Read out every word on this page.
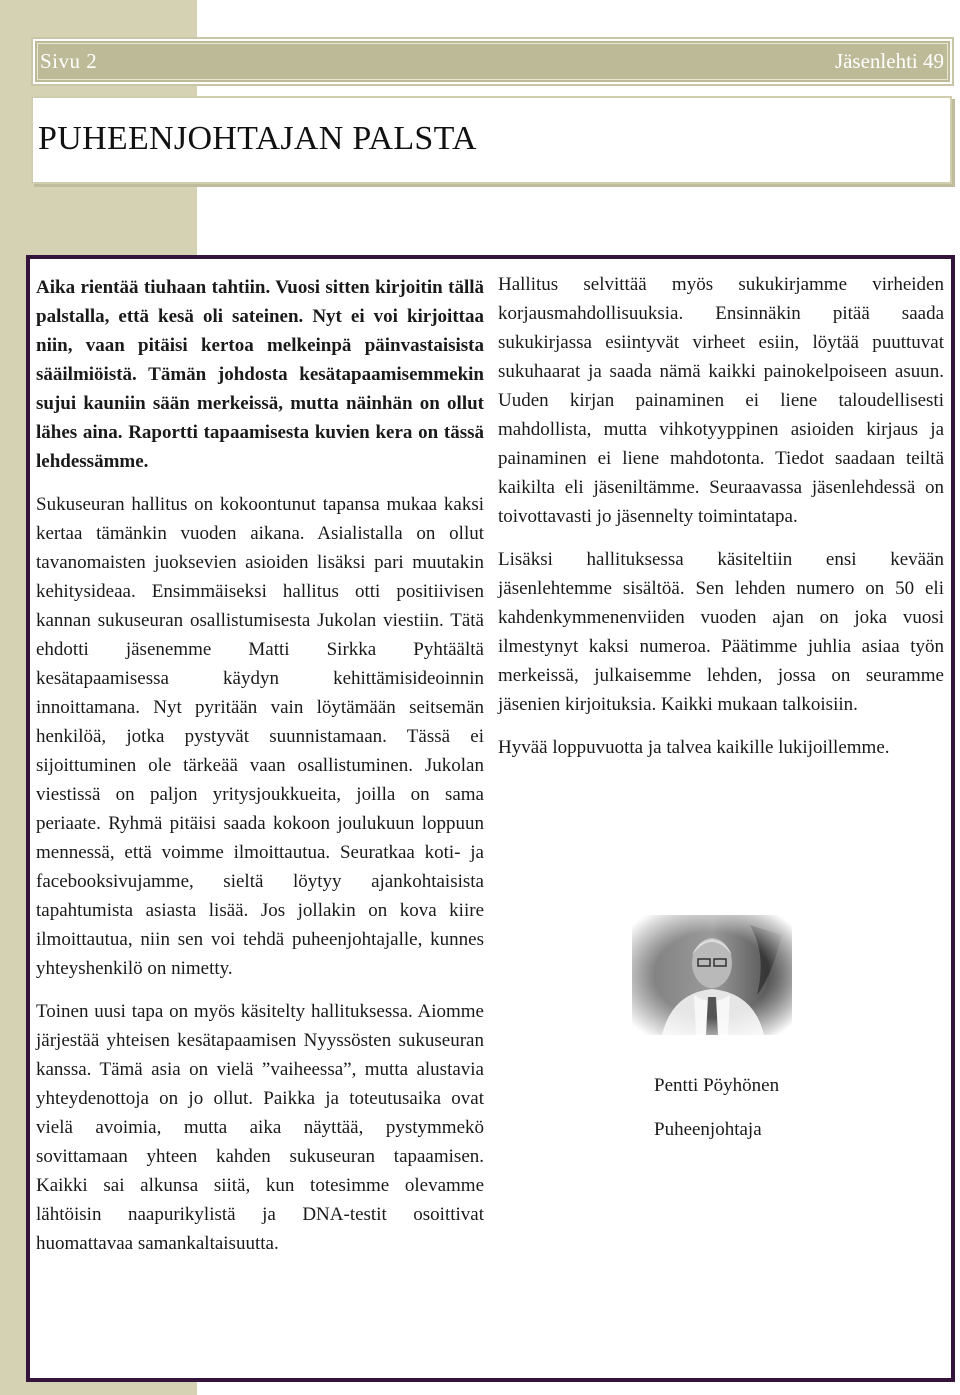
Sivu 2	Jäsenlehti 49
PUHEENJOHTAJAN PALSTA

Aika rientää tiuhaan tahtiin. Vuosi sitten kirjoitin tällä palstalla, että kesä oli sateinen. Nyt ei voi kirjoittaa niin, vaan pitäisi kertoa melkeinpä päinvastaisista sääilmiöistä. Tämän johdosta kesätapaamisemmekin sujui kauniin sään merkeissä, mutta näinhän on ollut lähes aina. Raportti tapaamisesta kuvien kera on tässä lehdessämme.

Sukuseuran hallitus on kokoontunut tapansa mukaa kaksi kertaa tämänkin vuoden aikana. Asialistalla on ollut tavanomaisten juoksevien asioiden lisäksi pari muutakin kehitysideaa. Ensimmäiseksi hallitus otti positiivisen kannan sukuseuran osallistumisesta Jukolan viestiin. Tätä ehdotti jäsenemme Matti Sirkka Pyhtäältä kesätapaamisessa käydyn kehittämisideoinnin innoittamana. Nyt pyritään vain löytämään seitsemän henkilöä, jotka pystyvät suunnistamaan. Tässä ei sijoittuminen ole tärkeää vaan osallistuminen. Jukolan viestissä on paljon yritysjoukkueita, joilla on sama periaate. Ryhmä pitäisi saada kokoon joulukuun loppuun mennessä, että voimme ilmoittautua. Seuratkaa koti- ja facebooksivujamme, sieltä löytyy ajankohtaisista tapahtumista asiasta lisää. Jos jollakin on kova kiire ilmoittautua, niin sen voi tehdä puheenjohtajalle, kunnes yhteyshenkilö on nimetty.

Toinen uusi tapa on myös käsitelty hallituksessa. Aiomme järjestää yhteisen kesätapaamisen Nyyssösten sukuseuran kanssa. Tämä asia on vielä ”vaiheessa”, mutta alustavia yhteydenottoja on jo ollut. Paikka ja toteutusaika ovat vielä avoimia, mutta aika näyttää, pystymmekö sovittamaan yhteen kahden sukuseuran tapaamisen. Kaikki sai alkunsa siitä, kun totesimme olevamme lähtöisin naapurikylistä ja DNA-testit osoittivat huomattavaa samankaltaisuutta.

Hallitus selvittää myös sukukirjamme virheiden korjausmahdollisuuksia. Ensinnäkin pitää saada sukukirjassa esiintyvät virheet esiin, löytää puuttuvat sukuhaarat ja saada nämä kaikki painokelpoiseen asuun. Uuden kirjan painaminen ei liene taloudellisesti mahdollista, mutta vihkotyyppinen asioiden kirjaus ja painaminen ei liene mahdotonta. Tiedot saadaan teiltä kaikilta eli jäseniltämme. Seuraavassa jäsenlehdessä on toivottavasti jo jäsennelty toimintatapa.

Lisäksi hallituksessa käsiteltiin ensi kevään jäsenlehtemme sisältöä. Sen lehden numero on 50 eli kahdenkymmenenviiden vuoden ajan on joka vuosi ilmestynyt kaksi numeroa. Päätimme juhlia asiaa työn merkeissä, julkaisemme lehden, jossa on seuramme jäsenien kirjoituksia. Kaikki mukaan talkoisiin.

Hyvää loppuvuotta ja talvea kaikille lukijoillemme.

Pentti Pöyhönen
Puheenjohtaja
